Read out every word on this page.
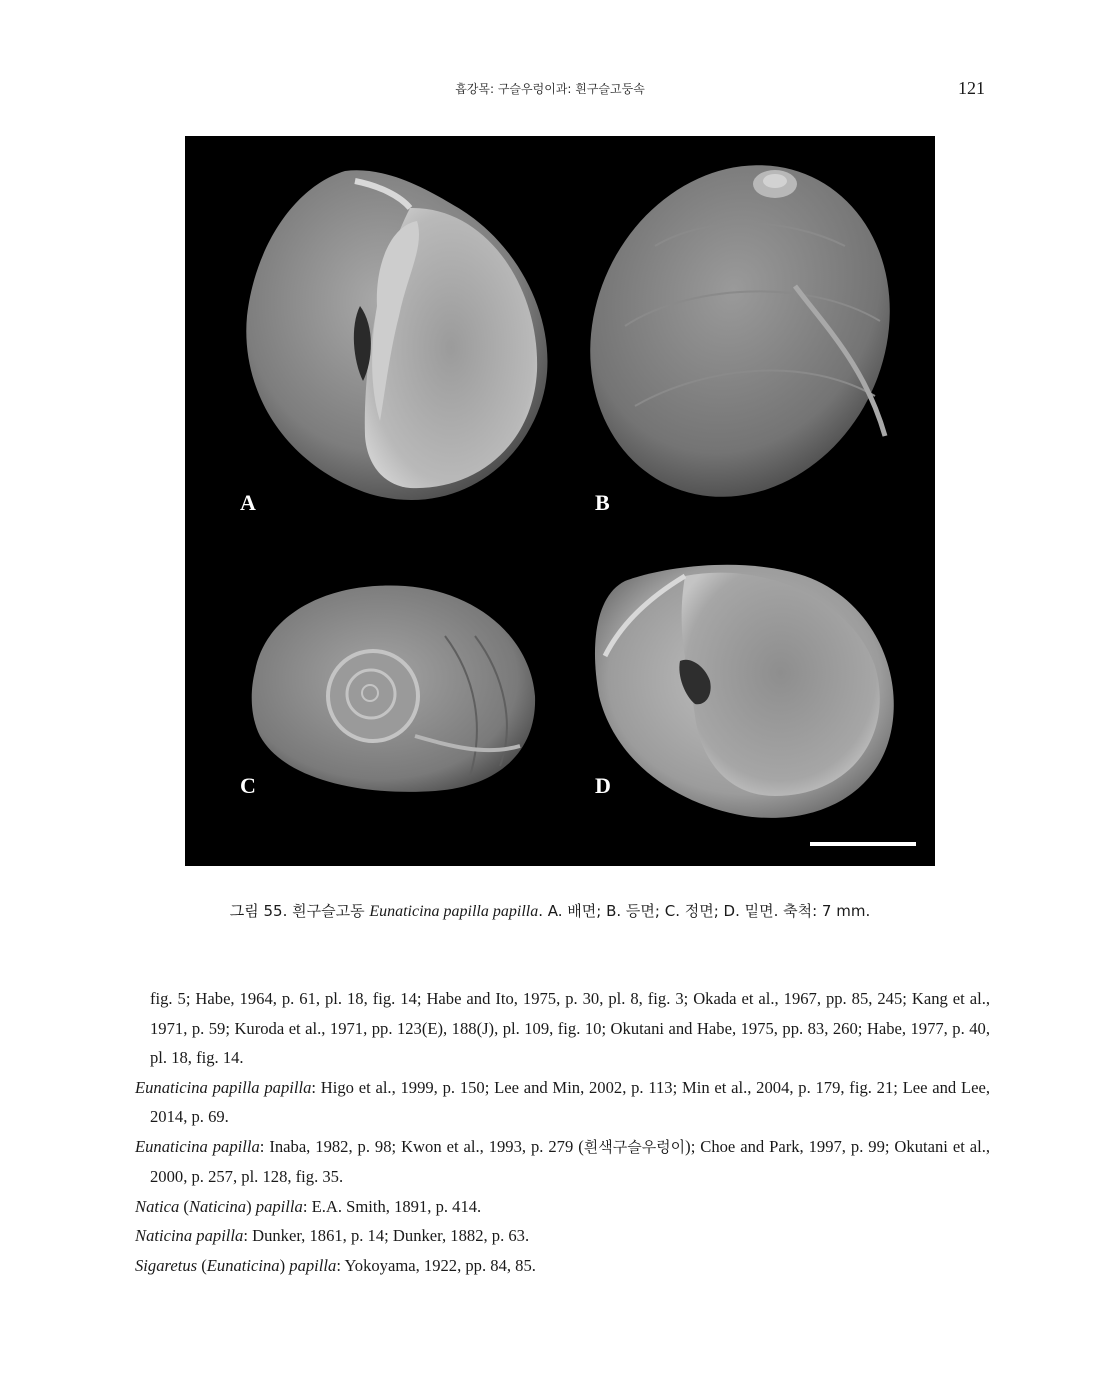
흡강목: 구슬우렁이과: 흰구슬고둥속	121
A	B
C	D
그림 55. 흰구슬고동 Eunaticina papilla papilla. A. 배면; B. 등면; C. 정면; D. 밑면. 축척: 7 mm.

fig. 5; Habe, 1964, p. 61, pl. 18, fig. 14; Habe and Ito, 1975, p. 30, pl. 8, fig. 3; Okada et al., 1967, pp. 85, 245; Kang et al., 1971, p. 59; Kuroda et al., 1971, pp. 123(E), 188(J), pl. 109, fig. 10; Okutani and Habe, 1975, pp. 83, 260; Habe, 1977, p. 40, pl. 18, fig. 14.

Eunaticina papilla papilla: Higo et al., 1999, p. 150; Lee and Min, 2002, p. 113; Min et al., 2004, p. 179, fig. 21; Lee and Lee, 2014, p. 69.

Eunaticina papilla: Inaba, 1982, p. 98; Kwon et al., 1993, p. 279 (흰색구슬우렁이); Choe and Park, 1997, p. 99; Okutani et al., 2000, p. 257, pl. 128, fig. 35.

Natica (Naticina) papilla: E.A. Smith, 1891, p. 414.

Naticina papilla: Dunker, 1861, p. 14; Dunker, 1882, p. 63.

Sigaretus (Eunaticina) papilla: Yokoyama, 1922, pp. 84, 85.
